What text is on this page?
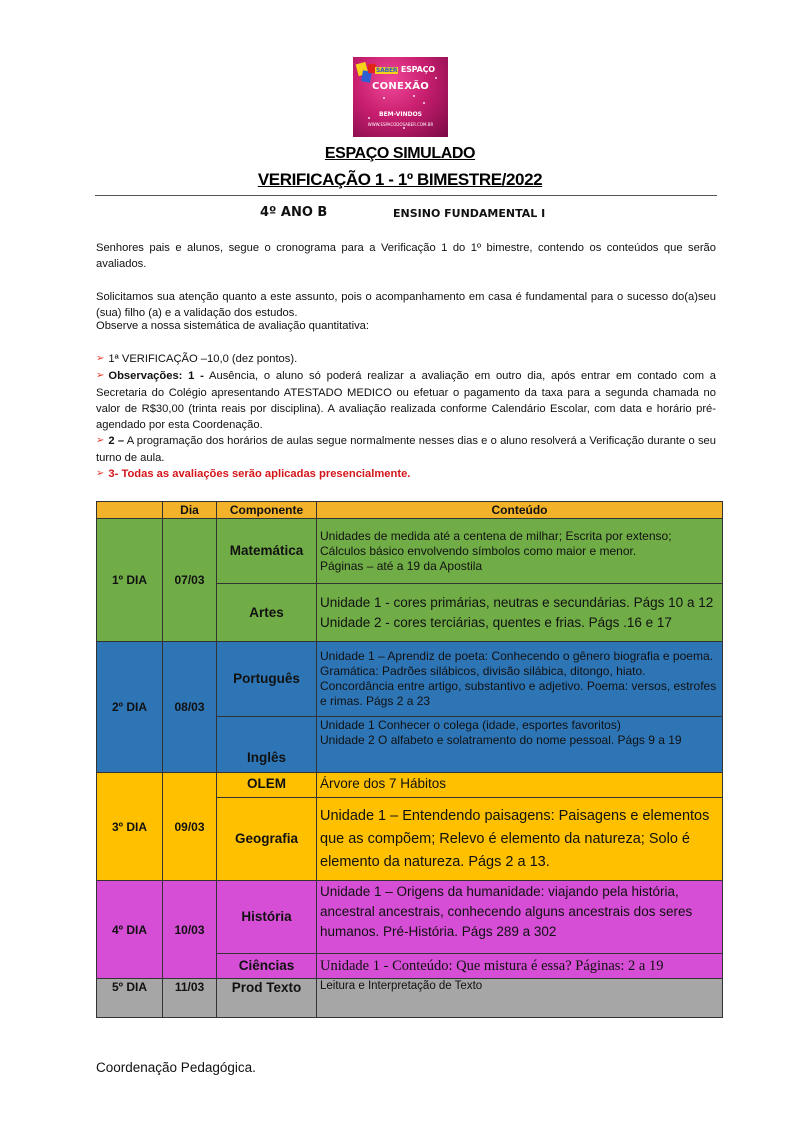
SABER ESPAÇO
CONEXÃO
BEM-VINDOS
WWW.ESPACODOSABER.COM.BR
ESPAÇO SIMULADO
VERIFICAÇÃO 1 - 1º BIMESTRE/2022
4º ANO B	ENSINO FUNDAMENTAL I
Senhores pais e alunos, segue o cronograma para a Verificação 1 do 1º bimestre, contendo os conteúdos que serão avaliados.
Solicitamos sua atenção quanto a este assunto, pois o acompanhamento em casa é fundamental para o sucesso do(a)seu (sua) filho (a) e a validação dos estudos.
Observe a nossa sistemática de avaliação quantitativa:
➢ 1ª VERIFICAÇÃO –10,0 (dez pontos).
➢ Observações: 1 - Ausência, o aluno só poderá realizar a avaliação em outro dia, após entrar em contado com a Secretaria do Colégio apresentando ATESTADO MEDICO ou efetuar o pagamento da taxa para a segunda chamada no valor de R$30,00 (trinta reais por disciplina). A avaliação realizada conforme Calendário Escolar, com data e horário pré-agendado por esta Coordenação.
➢ 2 – A programação dos horários de aulas segue normalmente nesses dias e o aluno resolverá a Verificação durante o seu turno de aula.
➢ 3- Todas as avaliações serão aplicadas presencialmente.
	Dia	Componente	Conteúdo
1º DIA	07/03	Matemática	Unidades de medida até a centena de milhar; Escrita por extenso;
Cálculos básico envolvendo símbolos como maior e menor.
Páginas – até a 19 da Apostila

		Artes	Unidade 1 - cores primárias, neutras e secundárias. Págs 10 a 12
Unidade 2 - cores terciárias, quentes e frias. Págs .16 e 17

2º DIA	08/03	Português	Unidade 1 – Aprendiz de poeta: Conhecendo o gênero biografia e poema. Gramática: Padrões silábicos, divisão silábica, ditongo, hiato. Concordância entre artigo, substantivo e adjetivo. Poema: versos, estrofes e rimas. Págs 2 a 23

		Inglês	Unidade 1 Conhecer o colega (idade, esportes favoritos)
Unidade 2 O alfabeto e solatramento do nome pessoal. Págs 9 a 19

3º DIA	09/03	OLEM	Árvore dos 7 Hábitos

		Geografia	Unidade 1 – Entendendo paisagens: Paisagens e elementos que as compõem; Relevo é elemento da natureza; Solo é elemento da natureza. Págs 2 a 13.

4º DIA	10/03	História	Unidade 1 – Origens da humanidade: viajando pela história, ancestral ancestrais, conhecendo alguns ancestrais dos seres humanos. Pré-História. Págs 289 a 302

		Ciências	Unidade 1 - Conteúdo: Que mistura é essa? Páginas: 2 a 19

5º DIA	11/03	Prod Texto	Leitura e Interpretação de Texto
Coordenação Pedagógica.
